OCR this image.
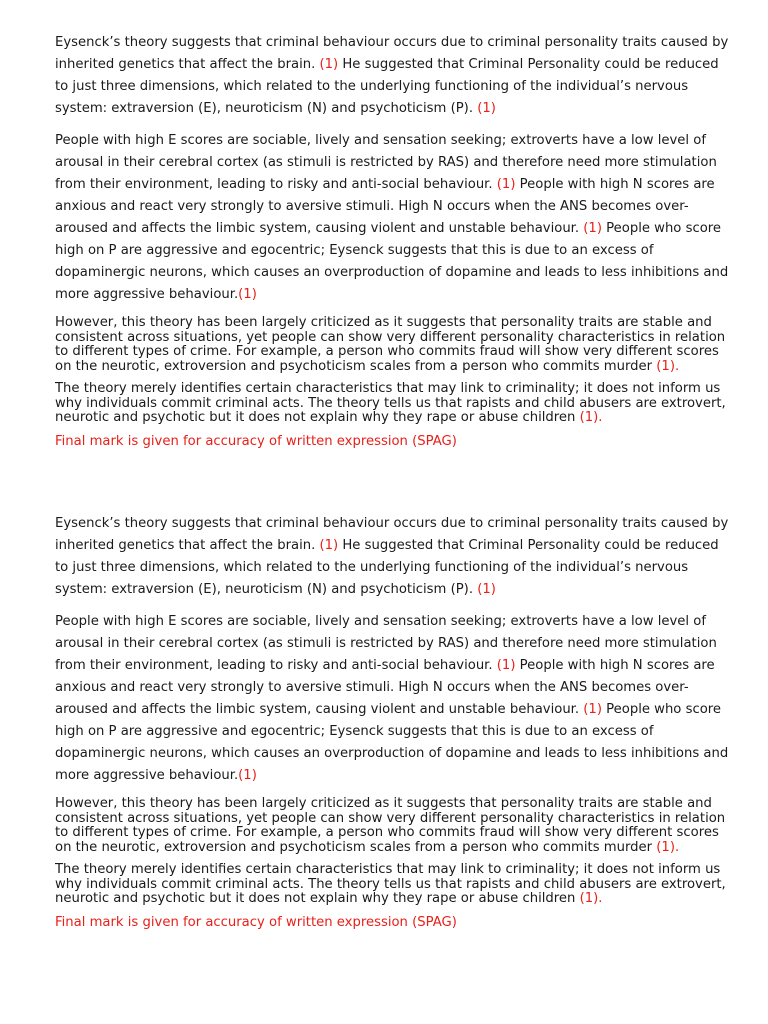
Eysenck’s theory suggests that criminal behaviour occurs due to criminal personality traits caused by inherited genetics that affect the brain. (1) He suggested that Criminal Personality could be reduced to just three dimensions, which related to the underlying functioning of the individual’s nervous system: extraversion (E), neuroticism (N) and psychoticism (P). (1)

People with high E scores are sociable, lively and sensation seeking; extroverts have a low level of arousal in their cerebral cortex (as stimuli is restricted by RAS) and therefore need more stimulation from their environment, leading to risky and anti-social behaviour. (1) People with high N scores are anxious and react very strongly to aversive stimuli. High N occurs when the ANS becomes over-aroused and affects the limbic system, causing violent and unstable behaviour. (1) People who score high on P are aggressive and egocentric; Eysenck suggests that this is due to an excess of dopaminergic neurons, which causes an overproduction of dopamine and leads to less inhibitions and more aggressive behaviour.(1)

However, this theory has been largely criticized as it suggests that personality traits are stable and consistent across situations, yet people can show very different personality characteristics in relation to different types of crime. For example, a person who commits fraud will show very different scores on the neurotic, extroversion and psychoticism scales from a person who commits murder (1).

The theory merely identifies certain characteristics that may link to criminality; it does not inform us why individuals commit criminal acts. The theory tells us that rapists and child abusers are extrovert, neurotic and psychotic but it does not explain why they rape or abuse children (1).

Final mark is given for accuracy of written expression (SPAG)
___________ _____ ___________ ________________ _____ _______________________ ___________ _______

Eysenck’s theory suggests that criminal behaviour occurs due to criminal personality traits caused by inherited genetics that affect the brain. (1) He suggested that Criminal Personality could be reduced to just three dimensions, which related to the underlying functioning of the individual’s nervous system: extraversion (E), neuroticism (N) and psychoticism (P). (1)

People with high E scores are sociable, lively and sensation seeking; extroverts have a low level of arousal in their cerebral cortex (as stimuli is restricted by RAS) and therefore need more stimulation from their environment, leading to risky and anti-social behaviour. (1) People with high N scores are anxious and react very strongly to aversive stimuli. High N occurs when the ANS becomes over-aroused and affects the limbic system, causing violent and unstable behaviour. (1) People who score high on P are aggressive and egocentric; Eysenck suggests that this is due to an excess of dopaminergic neurons, which causes an overproduction of dopamine and leads to less inhibitions and more aggressive behaviour.(1)

However, this theory has been largely criticized as it suggests that personality traits are stable and consistent across situations, yet people can show very different personality characteristics in relation to different types of crime. For example, a person who commits fraud will show very different scores on the neurotic, extroversion and psychoticism scales from a person who commits murder (1).

The theory merely identifies certain characteristics that may link to criminality; it does not inform us why individuals commit criminal acts. The theory tells us that rapists and child abusers are extrovert, neurotic and psychotic but it does not explain why they rape or abuse children (1).

Final mark is given for accuracy of written expression (SPAG)
